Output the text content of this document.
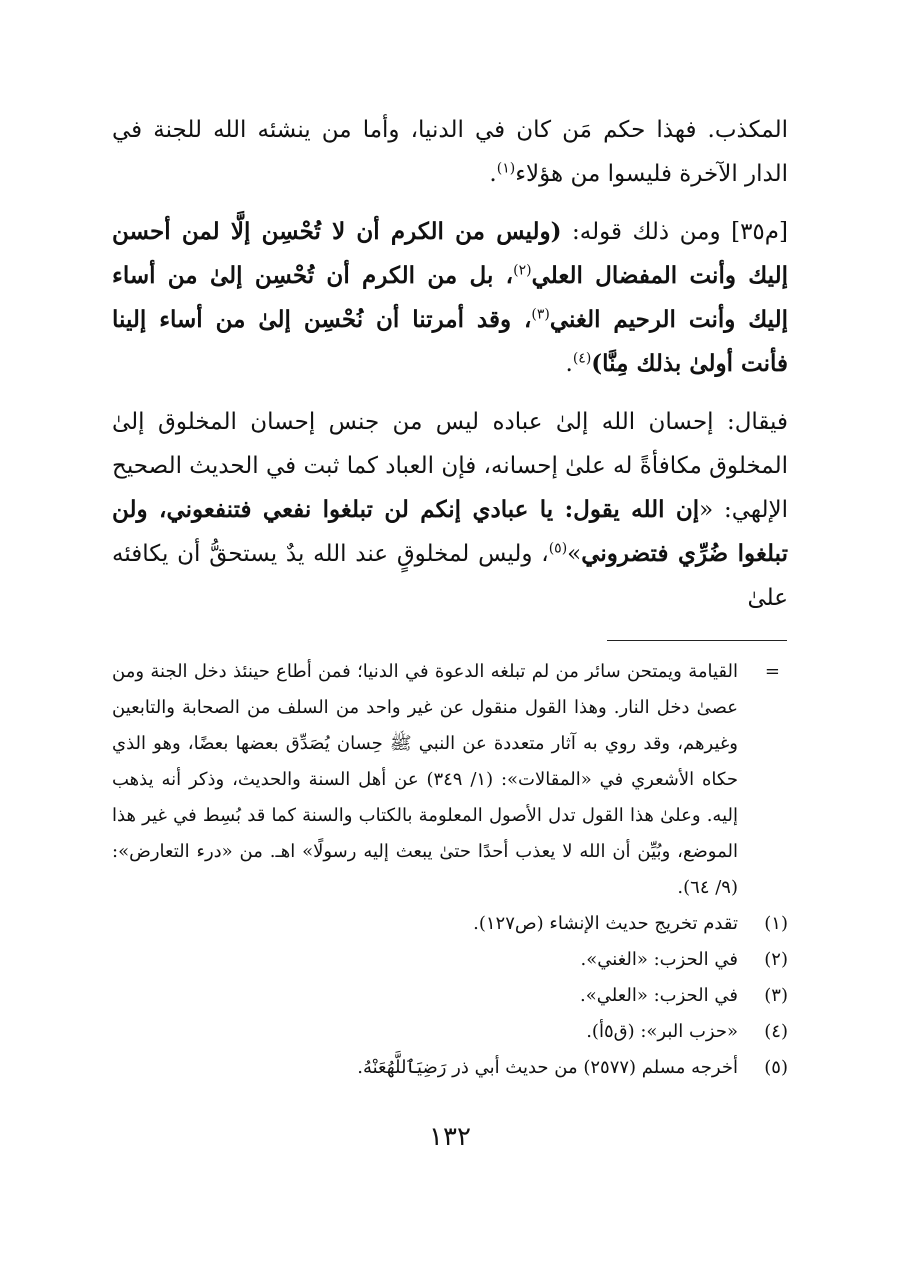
المكذب. فهذا حكم مَن كان في الدنيا، وأما من ينشئه الله للجنة في الدار الآخرة فليسوا من هؤلاء$^{(١)}$.

[م٣٥] ومن ذلك قوله: (وليس من الكرم أن لا تُحْسِن إلَّا لمن أحسن إليك وأنت المفضال العلي$^{(٢)}$، بل من الكرم أن تُحْسِن إلىٰ من أساء إليك وأنت الرحيم الغني$^{(٣)}$، وقد أمرتنا أن نُحْسِن إلىٰ من أساء إلينا فأنت أولىٰ بذلك مِنَّا)$^{(٤)}$.

فيقال: إحسان الله إلىٰ عباده ليس من جنس إحسان المخلوق إلىٰ المخلوق مكافأةً له علىٰ إحسانه، فإن العباد كما ثبت في الحديث الصحيح الإلهي: «إن الله يقول: يا عبادي إنكم لن تبلغوا نفعي فتنفعوني، ولن تبلغوا ضُرِّي فتضروني»$^{(٥)}$، وليس لمخلوقٍ عند الله يدٌ يستحقُّ أن يكافئه علىٰ

=
القيامة ويمتحن سائر من لم تبلغه الدعوة في الدنيا؛ فمن أطاع حينئذ دخل الجنة ومن عصىٰ دخل النار. وهذا القول منقول عن غير واحد من السلف من الصحابة والتابعين وغيرهم، وقد روي به آثار متعددة عن النبي ﷺ حِسان يُصَدِّق بعضها بعضًا، وهو الذي حكاه الأشعري في «المقالات»: (١/ ٣٤٩) عن أهل السنة والحديث، وذكر أنه يذهب إليه. وعلىٰ هذا القول تدل الأصول المعلومة بالكتاب والسنة كما قد بُسِط في غير هذا الموضع، وبُيِّن أن الله لا يعذب أحدًا حتىٰ يبعث إليه رسولًا» اهـ. من «درء التعارض»: (٩/ ٦٤).

(١)
تقدم تخريج حديث الإنشاء (ص١٢٧).

(٢)
في الحزب: «الغني».

(٣)
في الحزب: «العلي».

(٤)
«حزب البر»: (ق٥أ).

(٥)
أخرجه مسلم (٢٥٧٧) من حديث أبي ذر رَضِيَٱللَّهُعَنْهُ.

١٣٢
